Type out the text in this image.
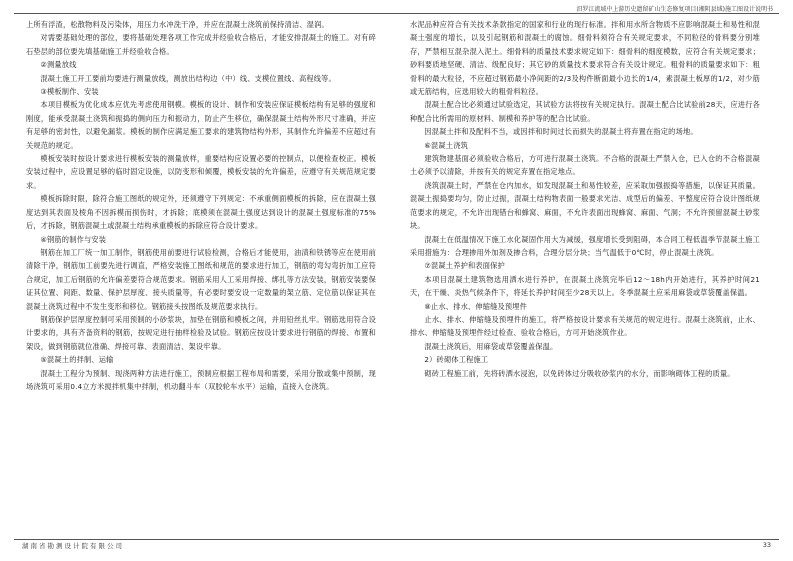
汨罗江流域中上游历史遗留矿山生态修复项目(湘阴县域)施工图设计说明书

上所有浮渣，松散物料及污染体，用压力水冲洗干净，并应在混凝土浇筑前保持清洁、湿润。

对需要基础处理的部位，要将基础处理各项工作完成并经验收合格后，才能安排混凝土的施工。对有碎石垫层的部位要先填基础施工并经验收合格。

②测量放线

混凝土施工开工要前均要进行测量放线，测放出结构边（中）线、支模位置线、高程线等。

③模板制作、安装

本项目模板为优化成本应优先考虑使用钢模。模板的设计、制作和安装应保证模板结构有足够的强度和刚度，能承受混凝土浇筑和振捣的侧向压力和振动力，防止产生移位，确保混凝土结构外形尺寸准确，并应有足够的密封性，以避免漏浆。模板的制作应满足施工要求的建筑物结构外形，其制作允许偏差不应超过有关规范的规定。

模板安装时按设计要求进行模板安装的测量放样，重要结构应设置必要的控制点，以便检查校正。模板安装过程中，应设置足够的临时固定设施，以防变形和倾覆，模板安装的允许偏差，应遵守有关规范规定要求。

模板拆除时限，除符合施工图纸的规定外，还须遵守下列规定：不承重侧面模板的拆除，应在混凝土强度达到其表面及棱角不因拆模而损伤时，才拆除；底模须在混凝土强度达到设计的混凝土强度标准的75%后，才拆除，钢筋混凝土或混凝土结构承重模板的拆除应符合设计要求。

④钢筋的制作与安装

钢筋在加工厂统一加工制作，钢筋使用前要进行试验检测，合格后才能使用，油渍和铁锈等应在使用前清除干净，钢筋加工前要先进行调直，严格安装施工图纸和规范的要求进行加工，钢筋的弯勾弯折加工应符合规定，加工后钢筋的允许偏差要符合规范要求。钢筋采用人工采用焊接、绑扎等方法安装，钢筋安装要保证其位置、间距、数量、保护层厚度、接头质量等，有必要时要安设一定数量的架立筋、定位筋以保证其在混凝土浇筑过程中不发生变形和移位。钢筋接头按图纸及规范要求执行。

钢筋保护层厚度控制可采用预制的小砂浆块，加垫在钢筋和模板之间，并用铅丝扎牢。钢筋选用符合设计要求的，具有齐备资料的钢筋，按规定进行抽样检验及试验。钢筋应按设计要求进行钢筋的焊接、布置和架设，做到钢筋就位准确、焊接可靠、表面清洁、架设牢靠。

⑤混凝土的拌制、运输

混凝土工程分为预制、现浇两种方法进行施工，预制应根据工程布局和需要，采用分散或集中预制，现场浇筑可采用0.4立方米搅拌机集中拌制，机动翻斗车（双胶轮车水平）运输，直接入仓浇筑。

水泥品种应符合有关技术条款指定的国家和行业的现行标准。拌和用水所含物质不应影响混凝土和易性和混凝土强度的增长，以及引起钢筋和混凝土的腐蚀。细骨料须符合有关规定要求，不同粒径的骨料要分别堆存，严禁相互混杂混入泥土。细骨料的质量技术要求规定如下：细骨料的细度模数，应符合有关规定要求；砂料要质地坚硬、清洁、级配良好；其它砂的质量技术要求符合有关设计规定。粗骨料的质量要求如下：粗骨料的最大粒径，不应超过钢筋最小净间距的2/3及构件断面最小边长的1/4，素混凝土板厚的1/2，对少筋或无筋结构，应选用较大的粗骨料粒径。

混凝土配合比必须通过试验选定，其试验方法将按有关规定执行。混凝土配合比试验前28天，应进行各种配合比所需用的原材料、制模和养护等的配合比试验。

因混凝土拌和及配料不当，或因拌和时间过长而损失的混凝土将弃置在指定的场地。

⑥混凝土浇筑

建筑物建基面必须验收合格后，方可进行混凝土浇筑。不合格的混凝土严禁入仓，已入仓的不合格混凝土必须予以清除，并按有关的规定弃置在指定地点。

浇筑混凝土时，严禁在仓内加水，如发现混凝土和易性较差，应采取加强振捣等措施，以保证其质量。混凝土振捣要均匀，防止过振，混凝土结构物表面一般要求光洁、成型后的偏差、平整度应符合设计图纸规范要求的规定，不允许出现错台和蜂窝、麻面，不允许表面出现蜂窝、麻面、气洞；不允许预留混凝土砂浆块。

混凝土在低温情况下施工水化凝固作用大为减缓，强度增长受到阻碍，本合同工程低温季节混凝土施工采用措施为：合理掺用外加剂及掺合料，合理分层分块；当气温低于0℃时，停止混凝土浇筑。

⑦混凝土养护和表面保护

本项目混凝土建筑物选用洒水进行养护，在混凝土浇筑完毕后12～18h内开始进行，其养护时间21天，在干燥、炎热气候条件下，将延长养护时间至少28天以上。冬季混凝土应采用麻袋或草袋覆盖保温。

⑧止水、排水、伸缩缝及预埋件

止水、排水、伸缩缝及预埋件的施工，将严格按设计要求有关规范的规定进行。混凝土浇筑前，止水、排水、伸缩缝及预埋件经过检查、验收合格后，方可开始浇筑作业。

混凝土浇筑后，用麻袋或草袋覆盖保温。

2）砖砌体工程施工

砌砖工程施工前，先将砖洒水浸泡，以免砖体过分吸收砂浆内的水分，而影响砌体工程的质量。

湖南省勘测设计院有限公司	33
